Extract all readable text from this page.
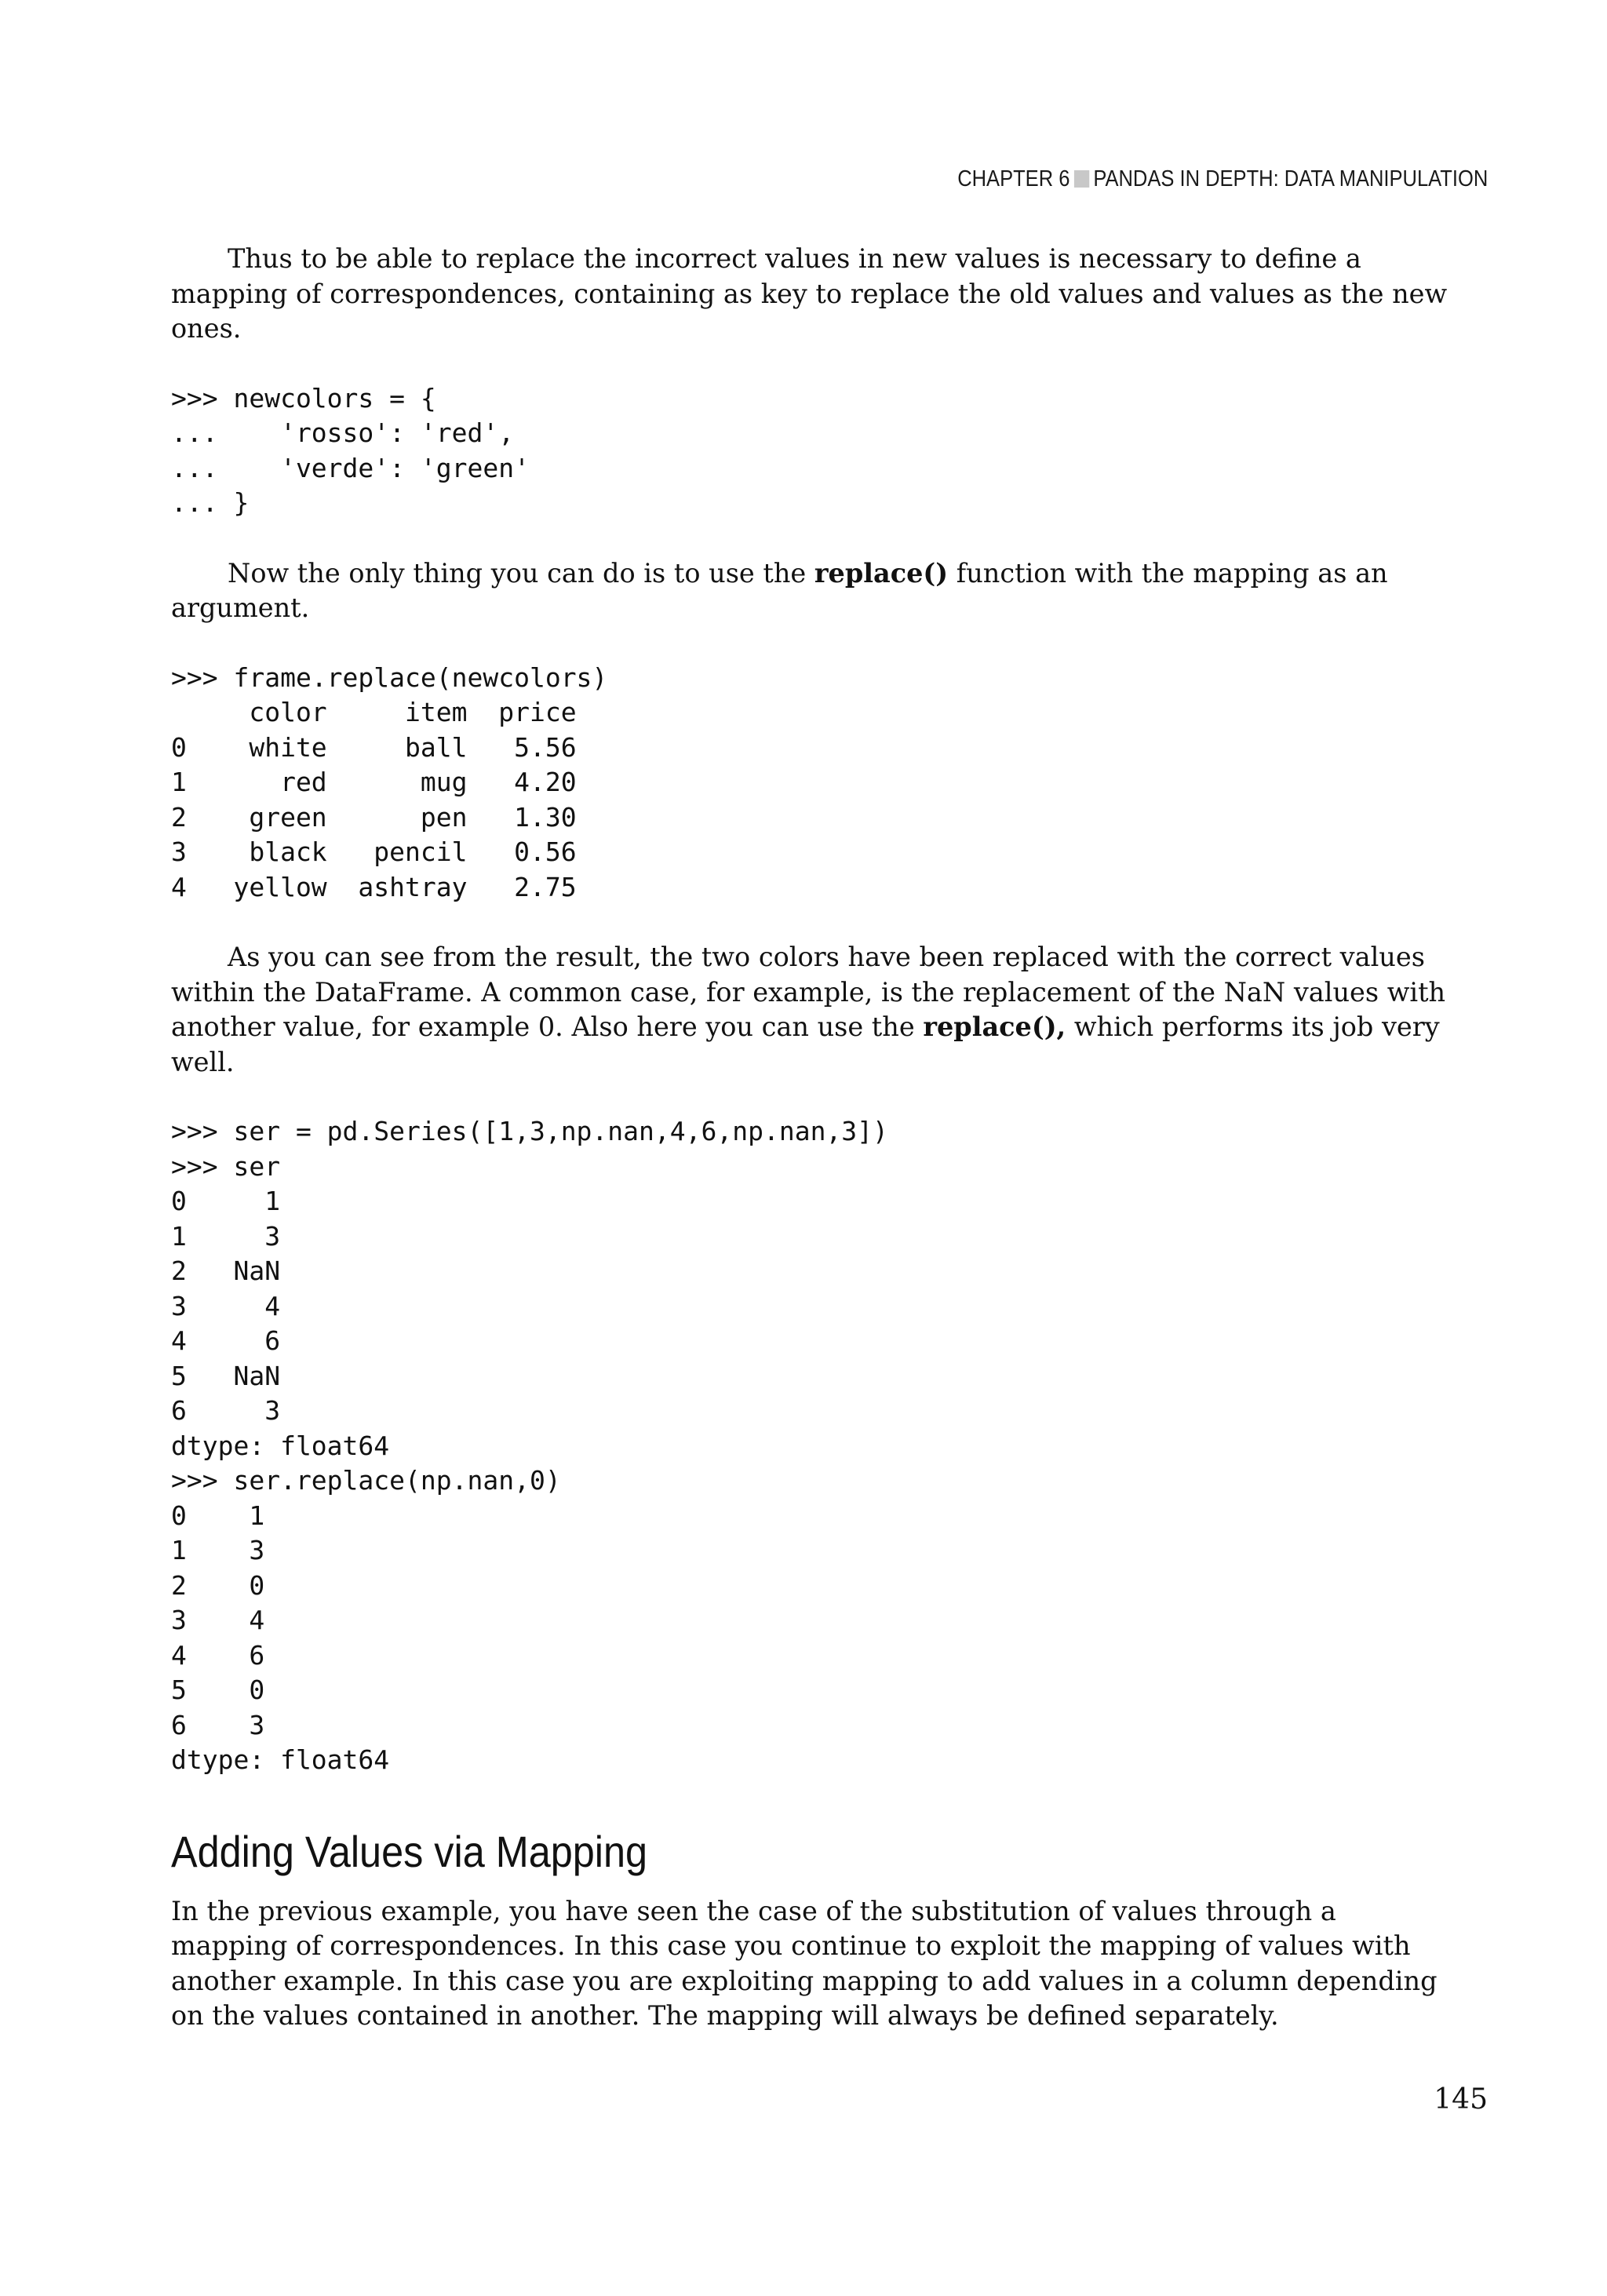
CHAPTER 6 PANDAS IN DEPTH: DATA MANIPULATION

Thus to be able to replace the incorrect values in new values is necessary to define a mapping of correspondences, containing as key to replace the old values and values as the new ones.

>>> newcolors = {
...    'rosso': 'red',
...    'verde': 'green'
... }

Now the only thing you can do is to use the replace() function with the mapping as an argument.

>>> frame.replace(newcolors)
color     item  price
0    white     ball   5.56
1      red      mug   4.20
2    green      pen   1.30
3    black   pencil   0.56
4   yellow  ashtray   2.75

As you can see from the result, the two colors have been replaced with the correct values within the DataFrame. A common case, for example, is the replacement of the NaN values with another value, for example 0. Also here you can use the replace(), which performs its job very well.

>>> ser = pd.Series([1,3,np.nan,4,6,np.nan,3])
>>> ser
0     1
1     3
2   NaN
3     4
4     6
5   NaN
6     3
dtype: float64
>>> ser.replace(np.nan,0)
0    1
1    3
2    0
3    4
4    6
5    0
6    3
dtype: float64
Adding Values via Mapping

In the previous example, you have seen the case of the substitution of values through a mapping of correspondences. In this case you continue to exploit the mapping of values with another example. In this case you are exploiting mapping to add values in a column depending on the values contained in another. The mapping will always be defined separately.

145
